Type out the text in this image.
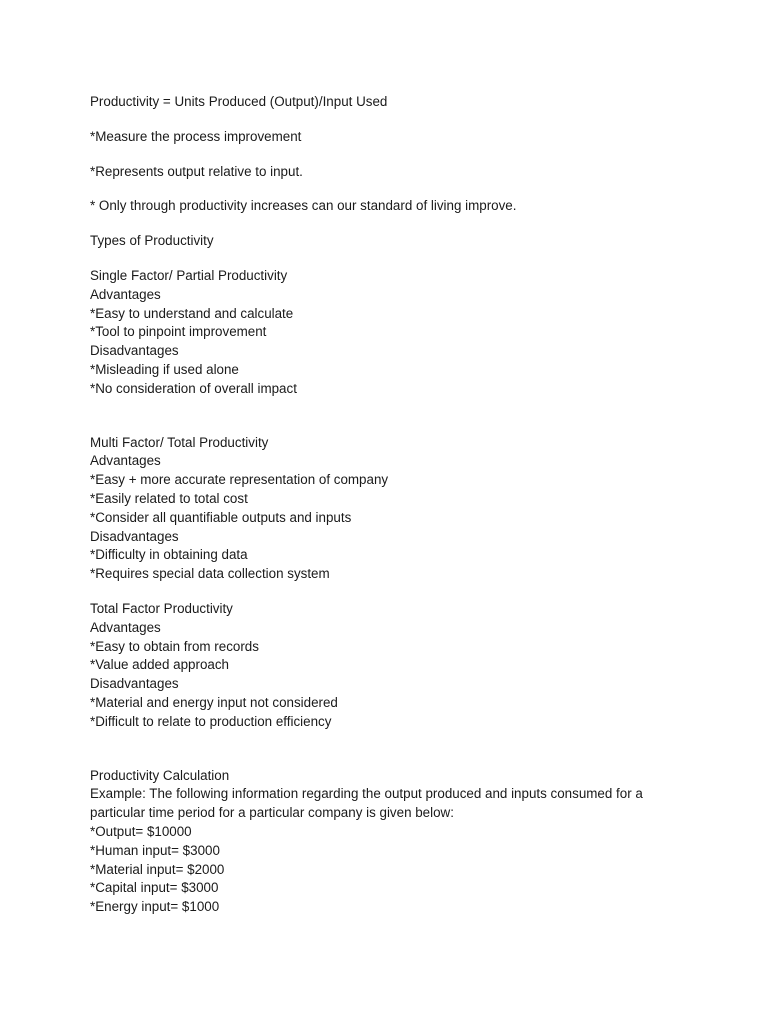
Productivity = Units Produced (Output)/Input Used
*Measure the process improvement
*Represents output relative to input.
* Only through productivity increases can our standard of living improve.
Types of Productivity
Single Factor/ Partial Productivity
Advantages
*Easy to understand and calculate
*Tool to pinpoint improvement
Disadvantages
*Misleading if used alone
*No consideration of overall impact
Multi Factor/ Total Productivity
Advantages
*Easy + more accurate representation of company
*Easily related to total cost
*Consider all quantifiable outputs and inputs
Disadvantages
*Difficulty in obtaining data
*Requires special data collection system
Total Factor Productivity
Advantages
*Easy to obtain from records
*Value added approach
Disadvantages
*Material and energy input not considered
*Difficult to relate to production efficiency
Productivity Calculation
Example: The following information regarding the output produced and inputs consumed for a
particular time period for a particular company is given below:
*Output= $10000
*Human input= $3000
*Material input= $2000
*Capital input= $3000
*Energy input= $1000
